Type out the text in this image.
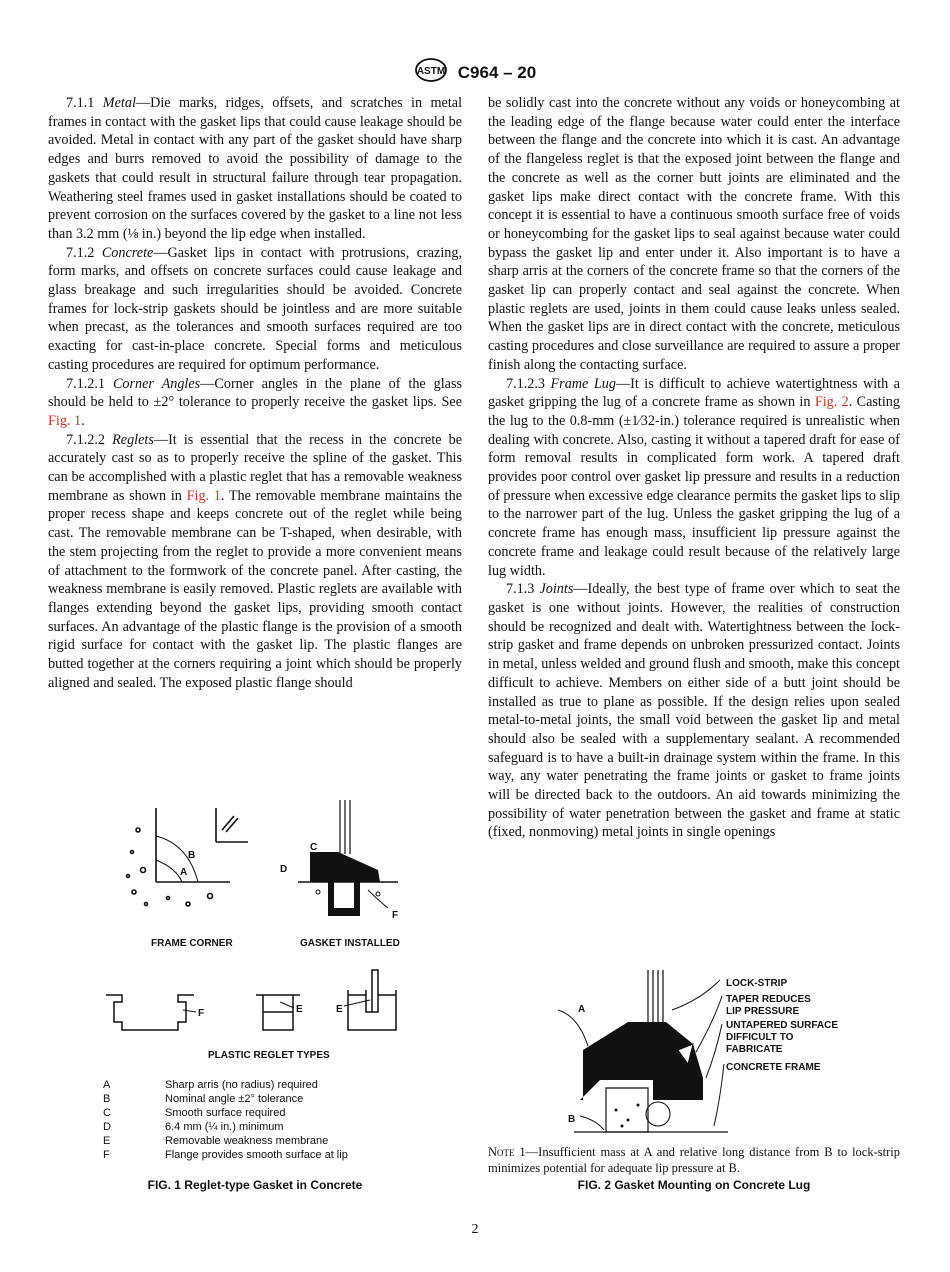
ASTM C964 – 20

7.1.1 Metal—Die marks, ridges, offsets, and scratches in metal frames in contact with the gasket lips that could cause leakage should be avoided. Metal in contact with any part of the gasket should have sharp edges and burrs removed to avoid the possibility of damage to the gaskets that could result in structural failure through tear propagation. Weathering steel frames used in gasket installations should be coated to prevent corrosion on the surfaces covered by the gasket to a line not less than 3.2 mm (⅛ in.) beyond the lip edge when installed.

7.1.2 Concrete—Gasket lips in contact with protrusions, crazing, form marks, and offsets on concrete surfaces could cause leakage and glass breakage and such irregularities should be avoided. Concrete frames for lock-strip gaskets should be jointless and are more suitable when precast, as the tolerances and smooth surfaces required are too exacting for cast-in-place concrete. Special forms and meticulous casting procedures are required for optimum performance.

7.1.2.1 Corner Angles—Corner angles in the plane of the glass should be held to ±2° tolerance to properly receive the gasket lips. See Fig. 1.

7.1.2.2 Reglets—It is essential that the recess in the concrete be accurately cast so as to properly receive the spline of the gasket. This can be accomplished with a plastic reglet that has a removable weakness membrane as shown in Fig. 1. The removable membrane maintains the proper recess shape and keeps concrete out of the reglet while being cast. The removable membrane can be T-shaped, when desirable, with the stem projecting from the reglet to provide a more convenient means of attachment to the formwork of the concrete panel. After casting, the weakness membrane is easily removed. Plastic reglets are available with flanges extending beyond the gasket lips, providing smooth contact surfaces. An advantage of the plastic flange is the provision of a smooth rigid surface for contact with the gasket lip. The plastic flanges are butted together at the corners requiring a joint which should be properly aligned and sealed. The exposed plastic flange should

be solidly cast into the concrete without any voids or honeycombing at the leading edge of the flange because water could enter the interface between the flange and the concrete into which it is cast. An advantage of the flangeless reglet is that the exposed joint between the flange and the concrete as well as the corner butt joints are eliminated and the gasket lips make direct contact with the concrete frame. With this concept it is essential to have a continuous smooth surface free of voids or honeycombing for the gasket lips to seal against because water could bypass the gasket lip and enter under it. Also important is to have a sharp arris at the corners of the concrete frame so that the corners of the gasket lip can properly contact and seal against the concrete. When plastic reglets are used, joints in them could cause leaks unless sealed. When the gasket lips are in direct contact with the concrete, meticulous casting procedures and close surveillance are required to assure a proper finish along the contacting surface.

7.1.2.3 Frame Lug—It is difficult to achieve watertightness with a gasket gripping the lug of a concrete frame as shown in Fig. 2. Casting the lug to the 0.8-mm (±1⁄32-in.) tolerance required is unrealistic when dealing with concrete. Also, casting it without a tapered draft for ease of form removal results in complicated form work. A tapered draft provides poor control over gasket lip pressure and results in a reduction of pressure when excessive edge clearance permits the gasket lips to slip to the narrower part of the lug. Unless the gasket gripping the lug of a concrete frame has enough mass, insufficient lip pressure against the concrete frame and leakage could result because of the relatively large lug width.

7.1.3 Joints—Ideally, the best type of frame over which to seat the gasket is one without joints. However, the realities of construction should be recognized and dealt with. Watertightness between the lock-strip gasket and frame depends on unbroken pressurized contact. Joints in metal, unless welded and ground flush and smooth, make this concept difficult to achieve. Members on either side of a butt joint should be installed as true to plane as possible. If the design relies upon sealed metal-to-metal joints, the small void between the gasket lip and metal should also be sealed with a supplementary sealant. A recommended safeguard is to have a built-in drainage system within the frame. In this way, any water penetrating the frame joints or gasket to frame joints will be directed back to the outdoors. An aid towards minimizing the possibility of water penetration between the gasket and frame at static (fixed, nonmoving) metal joints in single openings

B
A
FRAME CORNER
C
D
F
GASKET INSTALLED
F	E	E
PLASTIC REGLET TYPES
A	Sharp arris (no radius) required
B	Nominal angle ±2° tolerance
C	Smooth surface required
D	6.4 mm (¼ in.) minimum
E	Removable weakness membrane
F	Flange provides smooth surface at lip
FIG. 1 Reglet-type Gasket in Concrete
A
B
LOCK-STRIP
TAPER REDUCES
LIP PRESSURE
UNTAPERED SURFACE
DIFFICULT TO
FABRICATE
CONCRETE FRAME
Note 1—Insufficient mass at A and relative long distance from B to lock-strip minimizes potential for adequate lip pressure at B.
FIG. 2 Gasket Mounting on Concrete Lug
2
